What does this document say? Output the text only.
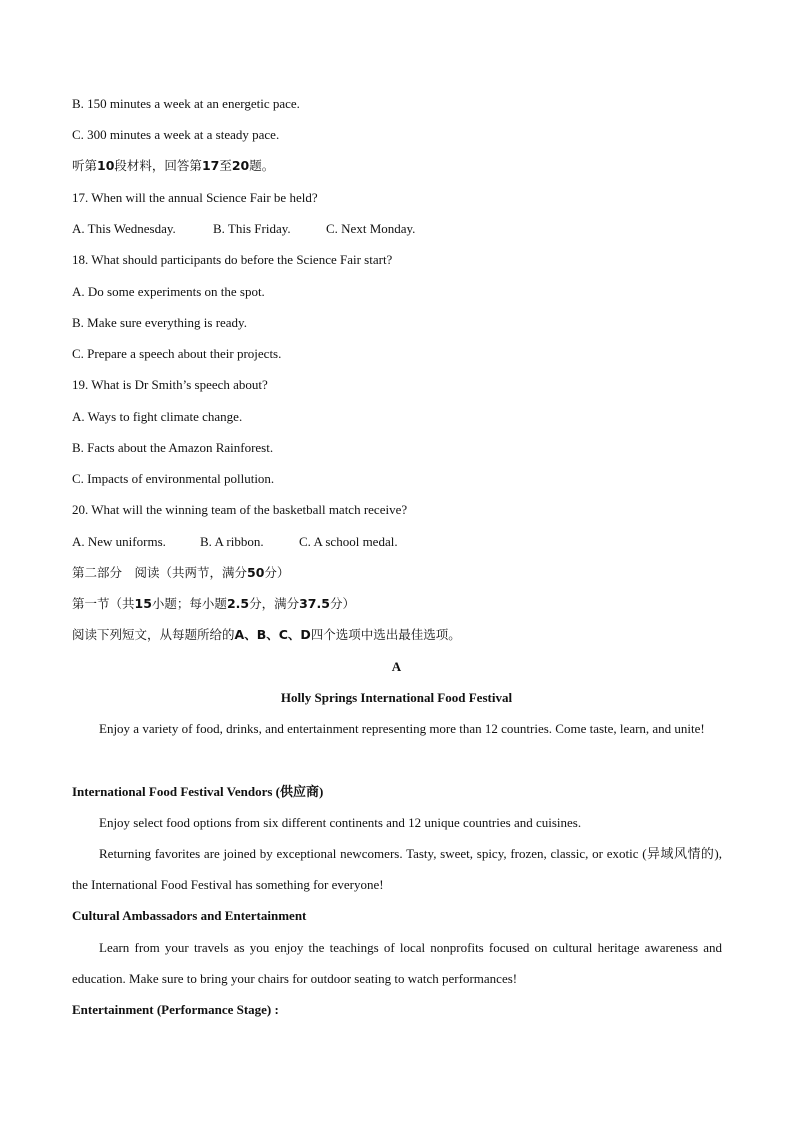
B. 150 minutes a week at an energetic pace.
C. 300 minutes a week at a steady pace.
听第10段材料，回答第17至20题。
17. When will the annual Science Fair be held?
A. This Wednesday.	B. This Friday.	C. Next Monday.
18. What should participants do before the Science Fair start?
A. Do some experiments on the spot.
B. Make sure everything is ready.
C. Prepare a speech about their projects.
19. What is Dr Smith’s speech about?
A. Ways to fight climate change.
B. Facts about the Amazon Rainforest.
C. Impacts of environmental pollution.
20. What will the winning team of the basketball match receive?
A. New uniforms.	B. A ribbon.	C. A school medal.
第二部分　阅读（共两节，满分50分）
第一节（共15小题；每小题2.5分，满分37.5分）
阅读下列短文，从每题所给的A、B、C、D四个选项中选出最佳选项。
A
Holly Springs International Food Festival
Enjoy a variety of food, drinks, and entertainment representing more than 12 countries. Come taste, learn, and unite!
International Food Festival Vendors (供应商)
Enjoy select food options from six different continents and 12 unique countries and cuisines.
Returning favorites are joined by exceptional newcomers. Tasty, sweet, spicy, frozen, classic, or exotic (异域风情的), the International Food Festival has something for everyone!
Cultural Ambassadors and Entertainment
Learn from your travels as you enjoy the teachings of local nonprofits focused on cultural heritage awareness and education. Make sure to bring your chairs for outdoor seating to watch performances!
Entertainment (Performance Stage) :
